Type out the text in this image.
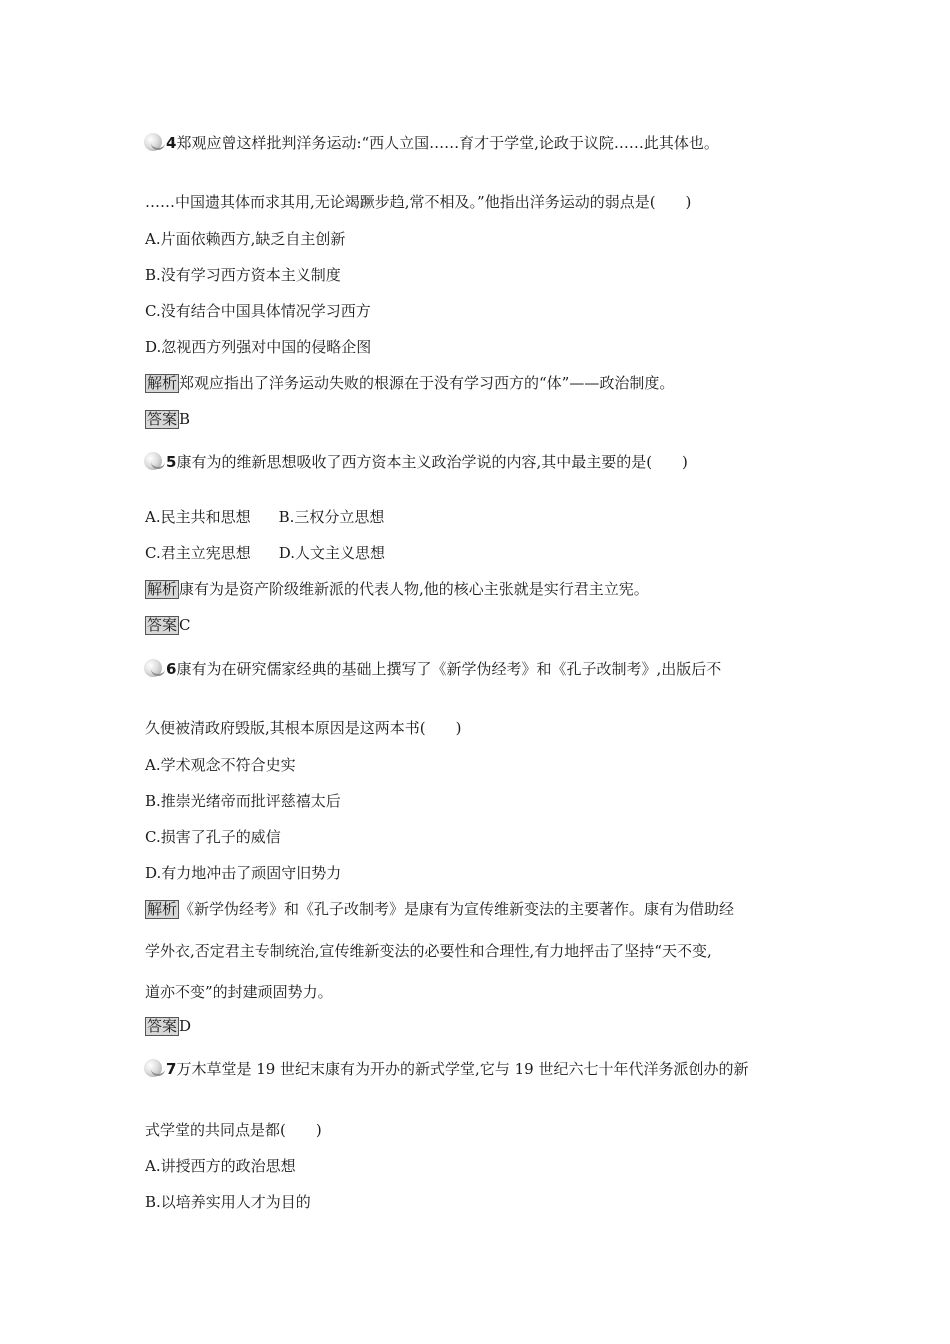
4郑观应曾这样批判洋务运动:“西人立国……育才于学堂,论政于议院……此其体也。
……中国遗其体而求其用,无论竭蹶步趋,常不相及。”他指出洋务运动的弱点是(　　)
A.片面依赖西方,缺乏自主创新
B.没有学习西方资本主义制度
C.没有结合中国具体情况学习西方
D.忽视西方列强对中国的侵略企图
解析 郑观应指出了洋务运动失败的根源在于没有学习西方的“体”——政治制度。
答案 B
5康有为的维新思想吸收了西方资本主义政治学说的内容,其中最主要的是(　　)
A.民主共和思想 B.三权分立思想
C.君主立宪思想 D.人文主义思想
解析 康有为是资产阶级维新派的代表人物,他的核心主张就是实行君主立宪。
答案 C
6康有为在研究儒家经典的基础上撰写了《新学伪经考》和《孔子改制考》,出版后不
久便被清政府毁版,其根本原因是这两本书(　　)
A.学术观念不符合史实
B.推崇光绪帝而批评慈禧太后
C.损害了孔子的威信
D.有力地冲击了顽固守旧势力
解析 《新学伪经考》和《孔子改制考》是康有为宣传维新变法的主要著作。康有为借助经
学外衣,否定君主专制统治,宣传维新变法的必要性和合理性,有力地抨击了坚持“天不变,
道亦不变”的封建顽固势力。
答案 D
7万木草堂是 19 世纪末康有为开办的新式学堂,它与 19 世纪六七十年代洋务派创办的新
式学堂的共同点是都(　　)
A.讲授西方的政治思想
B.以培养实用人才为目的
